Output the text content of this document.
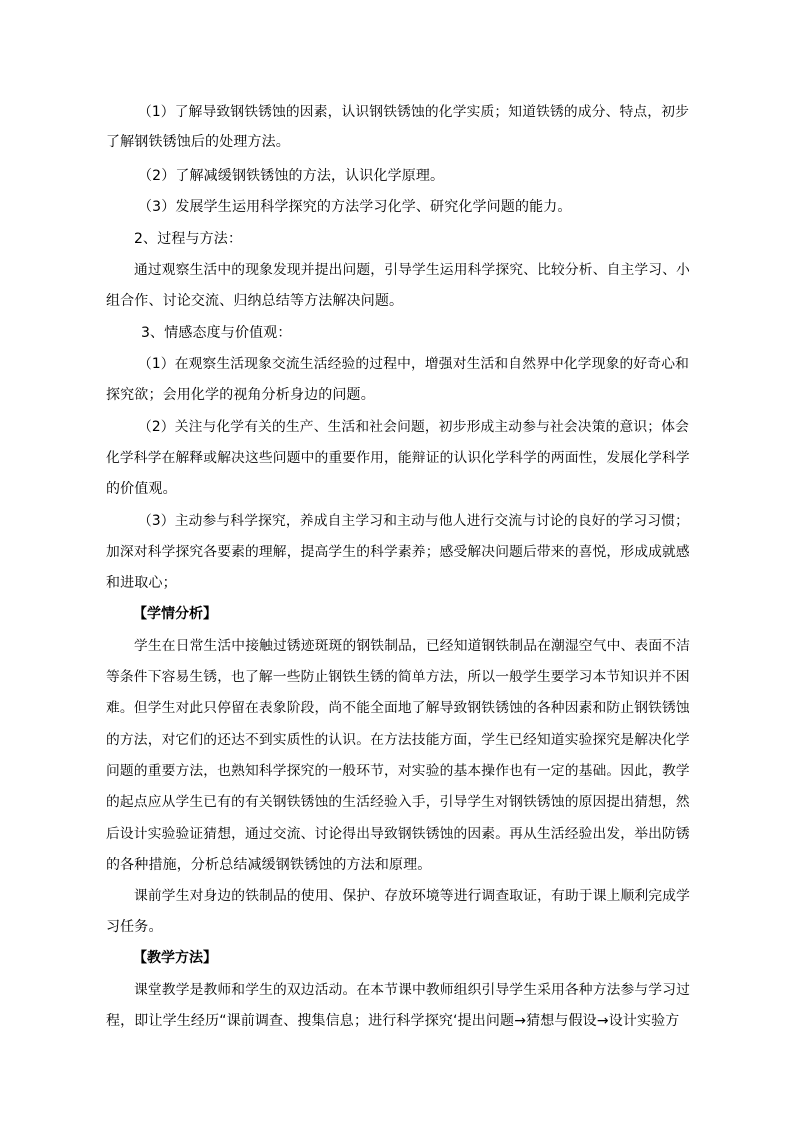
（1）了解导致钢铁锈蚀的因素，认识钢铁锈蚀的化学实质；知道铁锈的成分、特点，初步
了解钢铁锈蚀后的处理方法。
（2）了解减缓钢铁锈蚀的方法，认识化学原理。
（3）发展学生运用科学探究的方法学习化学、研究化学问题的能力。
2、过程与方法：
通过观察生活中的现象发现并提出问题，引导学生运用科学探究、比较分析、自主学习、小
组合作、讨论交流、归纳总结等方法解决问题。
3、情感态度与价值观：
（1）在观察生活现象交流生活经验的过程中，增强对生活和自然界中化学现象的好奇心和
探究欲；会用化学的视角分析身边的问题。
（2）关注与化学有关的生产、生活和社会问题，初步形成主动参与社会决策的意识；体会
化学科学在解释或解决这些问题中的重要作用，能辩证的认识化学科学的两面性，发展化学科学
的价值观。
（3）主动参与科学探究，养成自主学习和主动与他人进行交流与讨论的良好的学习习惯；
加深对科学探究各要素的理解，提高学生的科学素养；感受解决问题后带来的喜悦，形成成就感
和进取心；
【学情分析】
学生在日常生活中接触过锈迹斑斑的钢铁制品，已经知道钢铁制品在潮湿空气中、表面不洁
等条件下容易生锈，也了解一些防止钢铁生锈的简单方法，所以一般学生要学习本节知识并不困
难。但学生对此只停留在表象阶段，尚不能全面地了解导致钢铁锈蚀的各种因素和防止钢铁锈蚀
的方法，对它们的还达不到实质性的认识。在方法技能方面，学生已经知道实验探究是解决化学
问题的重要方法，也熟知科学探究的一般环节，对实验的基本操作也有一定的基础。因此，教学
的起点应从学生已有的有关钢铁锈蚀的生活经验入手，引导学生对钢铁锈蚀的原因提出猜想，然
后设计实验验证猜想，通过交流、讨论得出导致钢铁锈蚀的因素。再从生活经验出发，举出防锈
的各种措施，分析总结减缓钢铁锈蚀的方法和原理。
课前学生对身边的铁制品的使用、保护、存放环境等进行调查取证，有助于课上顺利完成学
习任务。
【教学方法】
课堂教学是教师和学生的双边活动。在本节课中教师组织引导学生采用各种方法参与学习过
程，即让学生经历“课前调查、搜集信息；进行科学探究‘提出问题→猜想与假设→设计实验方
